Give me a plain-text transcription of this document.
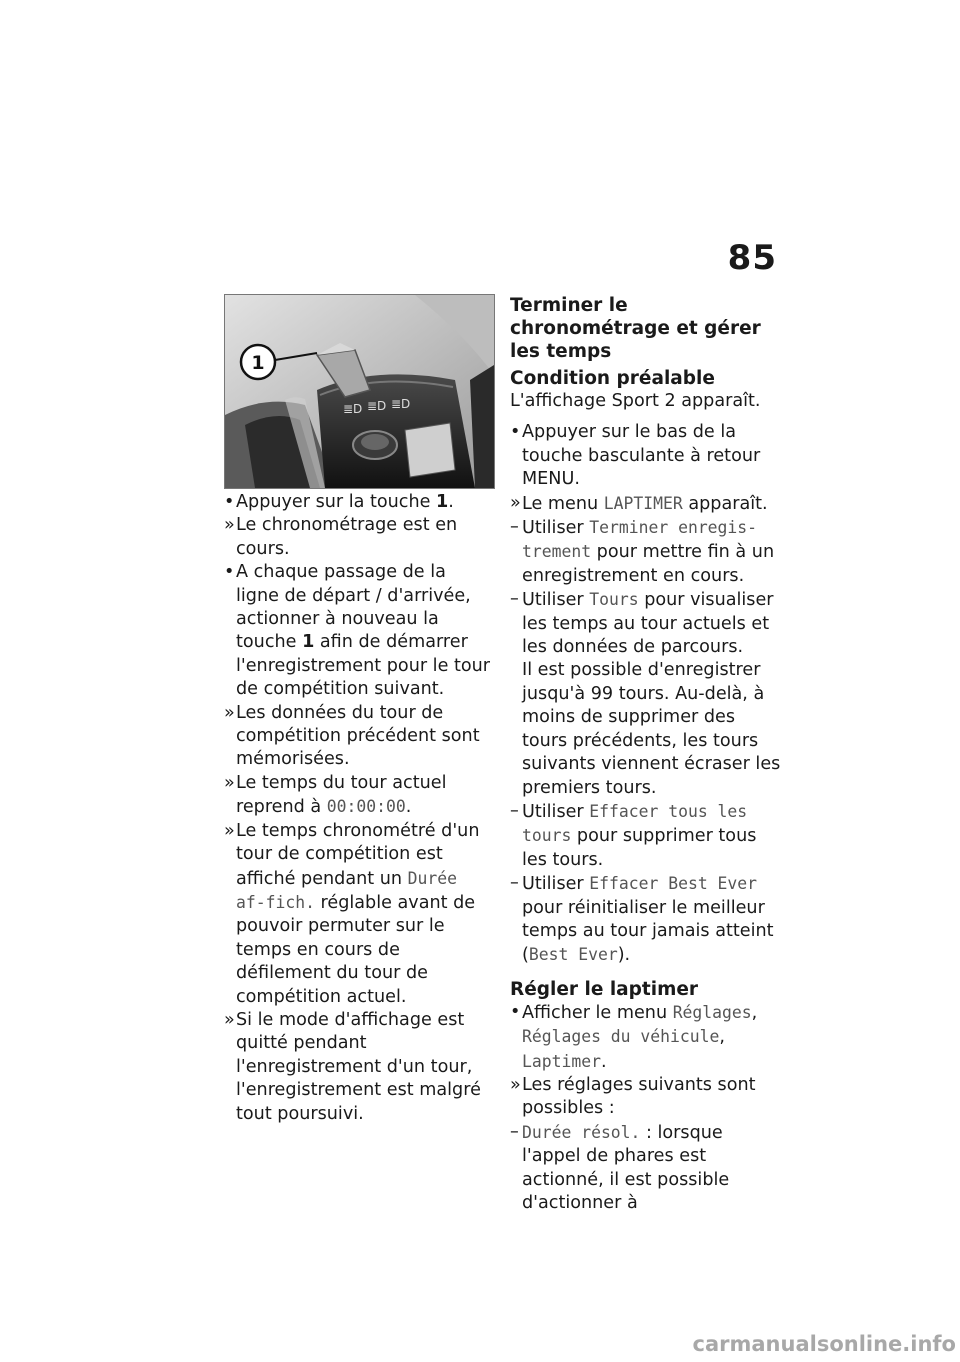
85
≣D ≣D ≣D
1
• Appuyer sur la touche 1.
» Le chronométrage est en cours.
• A chaque passage de la ligne de départ / d'arrivée, actionner à nouveau la touche 1 afin de démarrer l'enregistrement pour le tour de compétition suivant.
» Les données du tour de compétition précédent sont mémorisées.
» Le temps du tour actuel reprend à 00:00:00.
» Le temps chronométré d'un tour de compétition est affiché pendant un Durée af-fich. réglable avant de pouvoir permuter sur le temps en cours de défilement du tour de compétition actuel.
» Si le mode d'affichage est quitté pendant l'enregistrement d'un tour, l'enregistrement est malgré tout poursuivi.
Terminer le chronométrage et gérer les temps
Condition préalable
L'affichage Sport 2 apparaît.
• Appuyer sur le bas de la touche basculante à retour MENU.
» Le menu LAPTIMER apparaît.
– Utiliser Terminer enregis-trement pour mettre fin à un enregistrement en cours.
– Utiliser Tours pour visualiser les temps au tour actuels et les données de parcours.
Il est possible d'enregistrer jusqu'à 99 tours. Au-delà, à moins de supprimer des tours précédents, les tours suivants viennent écraser les premiers tours.
– Utiliser Effacer tous les tours pour supprimer tous les tours.
– Utiliser Effacer Best Ever pour réinitialiser le meilleur temps au tour jamais atteint (Best Ever).
Régler le laptimer
• Afficher le menu Réglages, Réglages du véhicule, Laptimer.
» Les réglages suivants sont possibles :
– Durée résol. : lorsque l'appel de phares est actionné, il est possible d'actionner à
carmanualsonline.info
